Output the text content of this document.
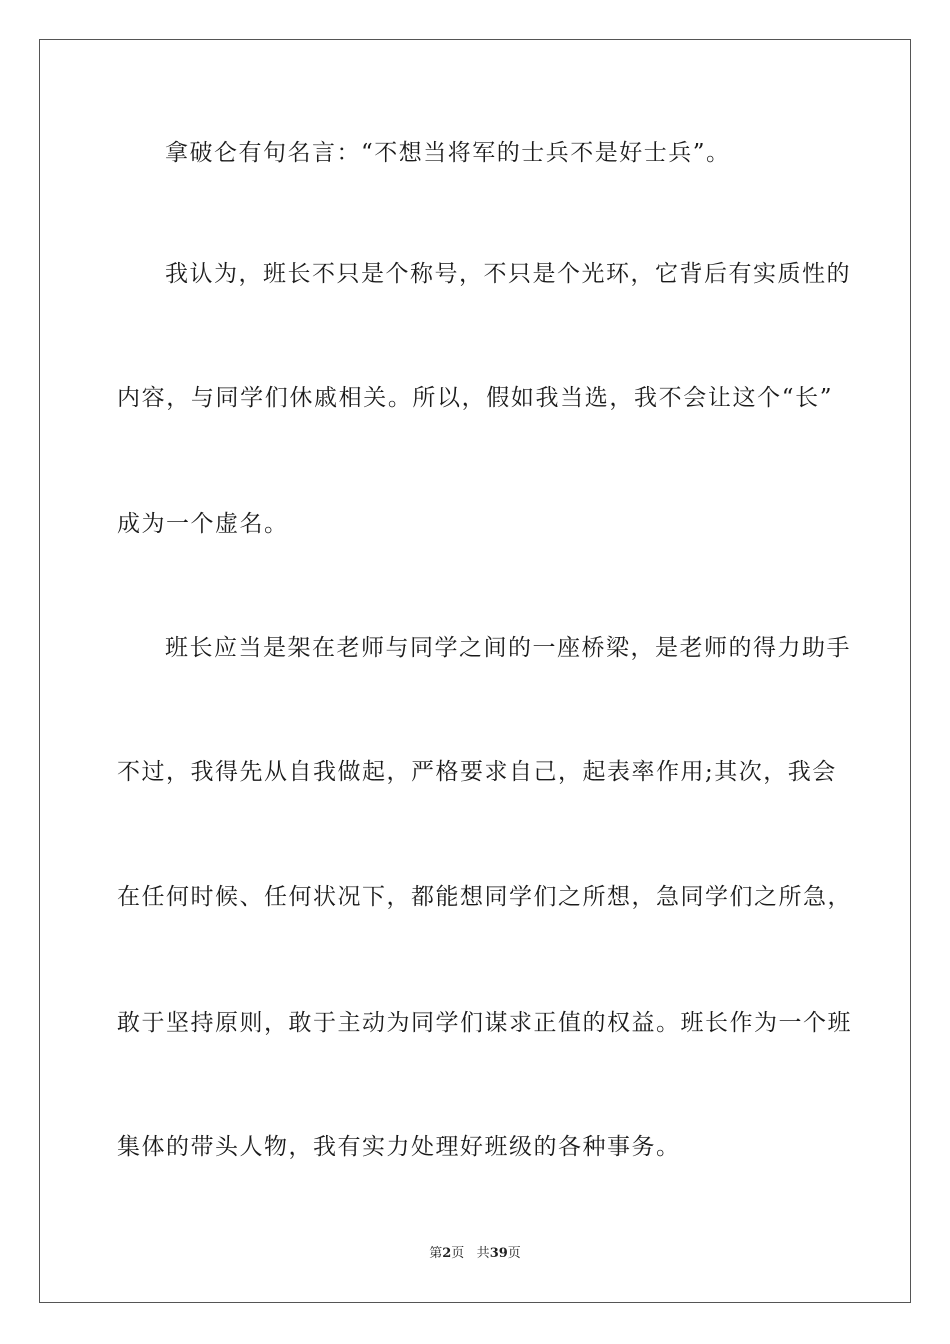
拿破仑有句名言：“不想当将军的士兵不是好士兵”。
我认为，班长不只是个称号，不只是个光环，它背后有实质性的
内容，与同学们休戚相关。所以，假如我当选，我不会让这个“长”
成为一个虚名。
班长应当是架在老师与同学之间的一座桥梁，是老师的得力助手
不过，我得先从自我做起，严格要求自己，起表率作用;其次，我会
在任何时候、任何状况下，都能想同学们之所想，急同学们之所急，
敢于坚持原则，敢于主动为同学们谋求正值的权益。班长作为一个班
集体的带头人物，我有实力处理好班级的各种事务。
第2页 共39页
